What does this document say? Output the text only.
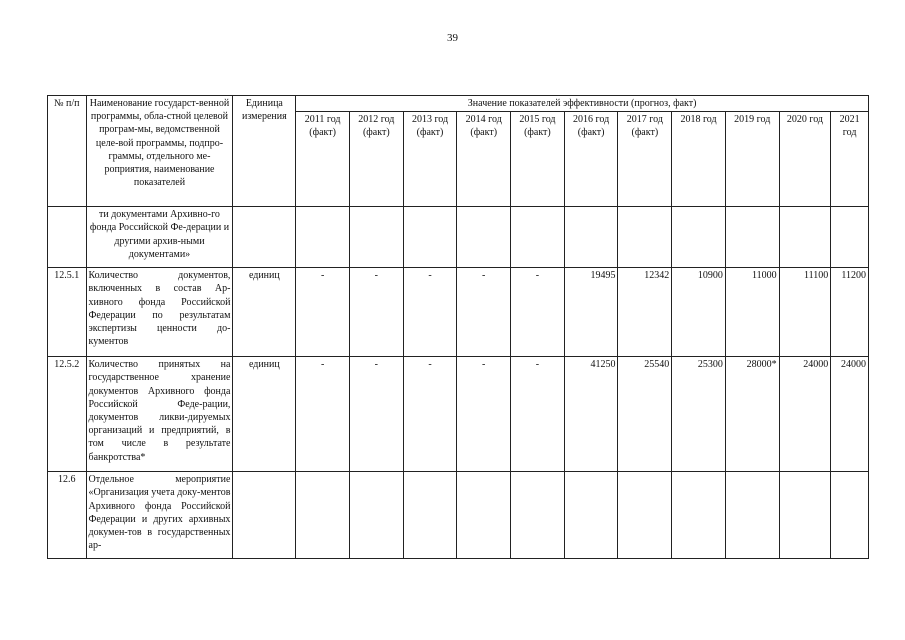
39
№ п/п	Наименование государст-венной программы, обла-стной целевой програм-мы, ведомственной целе-вой программы, подпро-граммы, отдельного ме-роприятия, наименование показателей	Единица измерения	Значение показателей эффективности (прогноз, факт)										
			2011 год (факт)	2012 год (факт)	2013 год (факт)	2014 год (факт)	2015 год (факт)	2016 год (факт)	2017 год (факт)	2018 год	2019 год	2020 год	2021 год
	ти документами Архивно-го фонда Российской Фе-дерации и другими архив-ными документами»												
12.5.1	Количество документов, включенных в состав Ар-хивного фонда Российской Федерации по результатам экспертизы ценности до-кументов	единиц	-	-	-	-	-	19495	12342	10900	11000	11100	11200
12.5.2	Количество принятых на государственное хранение документов Архивного фонда Российской Феде-рации, документов ликви-дируемых организаций и предприятий, в том числе в результате банкротства*	единиц	-	-	-	-	-	41250	25540	25300	28000*	24000	24000
12.6	Отдельное мероприятие «Организация учета доку-ментов Архивного фонда Российской Федерации и других архивных докумен-тов в государственных ар-												
